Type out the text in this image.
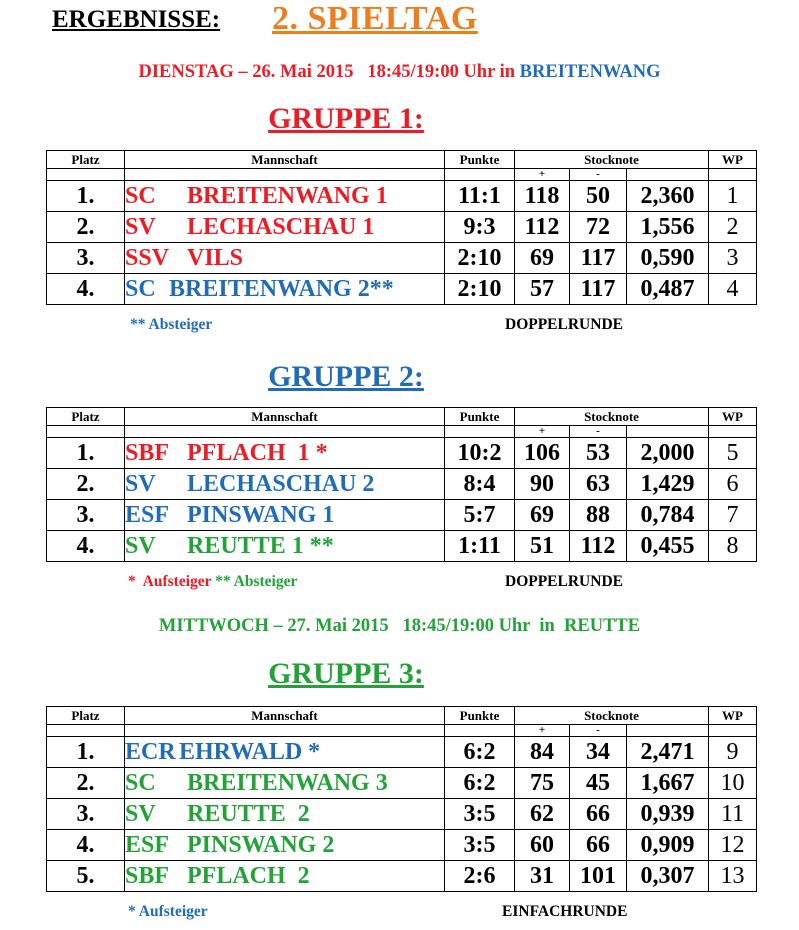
ERGEBNISSE: 2. SPIELTAG
DIENSTAG – 26. Mai 2015 18:45/19:00 Uhr in BREITENWANG
GRUPPE 1:
Platz	Mannschaft	Punkte	Stocknote			WP
			+	-		
1.	SC BREITENWANG 1	11:1	118	50	2,360	1
2.	SV LECHASCHAU 1	9:3	112	72	1,556	2
3.	SSV VILS	2:10	69	117	0,590	3
4.	SC BREITENWANG 2**	2:10	57	117	0,487	4
** Absteiger	DOPPELRUNDE
GRUPPE 2:
Platz	Mannschaft	Punkte	Stocknote			WP
			+	-		
1.	SBF PFLACH  1 *	10:2	106	53	2,000	5
2.	SV LECHASCHAU 2	8:4	90	63	1,429	6
3.	ESF PINSWANG 1	5:7	69	88	0,784	7
4.	SV REUTTE 1 **	1:11	51	112	0,455	8
*  Aufsteiger ** Absteiger	DOPPELRUNDE
MITTWOCH – 27. Mai 2015 18:45/19:00 Uhr  in REUTTE
GRUPPE 3:
Platz	Mannschaft	Punkte	Stocknote			WP
			+	-		
1.	ECR EHRWALD *	6:2	84	34	2,471	9
2.	SC BREITENWANG 3	6:2	75	45	1,667	10
3.	SV REUTTE  2	3:5	62	66	0,939	11
4.	ESF PINSWANG 2	3:5	60	66	0,909	12
5.	SBF PFLACH  2	2:6	31	101	0,307	13
* Aufsteiger	EINFACHRUNDE
